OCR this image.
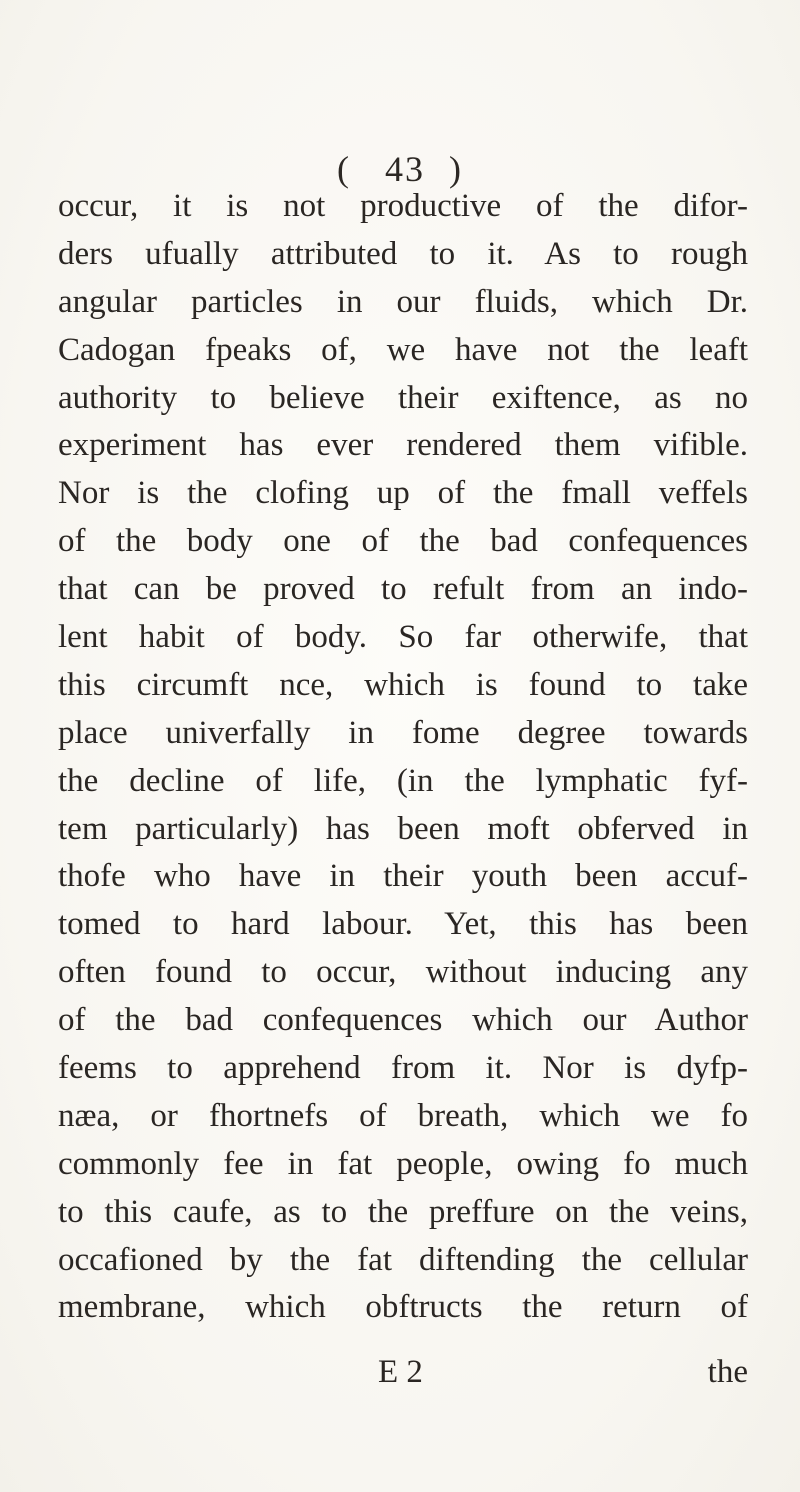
( 43 )
occur, it is not productive of the difor-
ders ufually attributed to it. As to rough
angular particles in our fluids, which Dr.
Cadogan fpeaks of, we have not the leaft
authority to believe their exiftence, as no
experiment has ever rendered them vifible.
Nor is the clofing up of the fmall veffels
of the body one of the bad confequences
that can be proved to refult from an indo-
lent habit of body. So far otherwife, that
this circumft nce, which is found to take
place univerfally in fome degree towards
the decline of life, (in the lymphatic fyf-
tem particularly) has been moft obferved in
thofe who have in their youth been accuf-
tomed to hard labour. Yet, this has been
often found to occur, without inducing any
of the bad confequences which our Author
feems to apprehend from it. Nor is dyfp-
næa, or fhortnefs of breath, which we fo
commonly fee in fat people, owing fo much
to this caufe, as to the preffure on the veins,
occafioned by the fat diftending the cellular
membrane, which obftructs the return of
E 2	the
